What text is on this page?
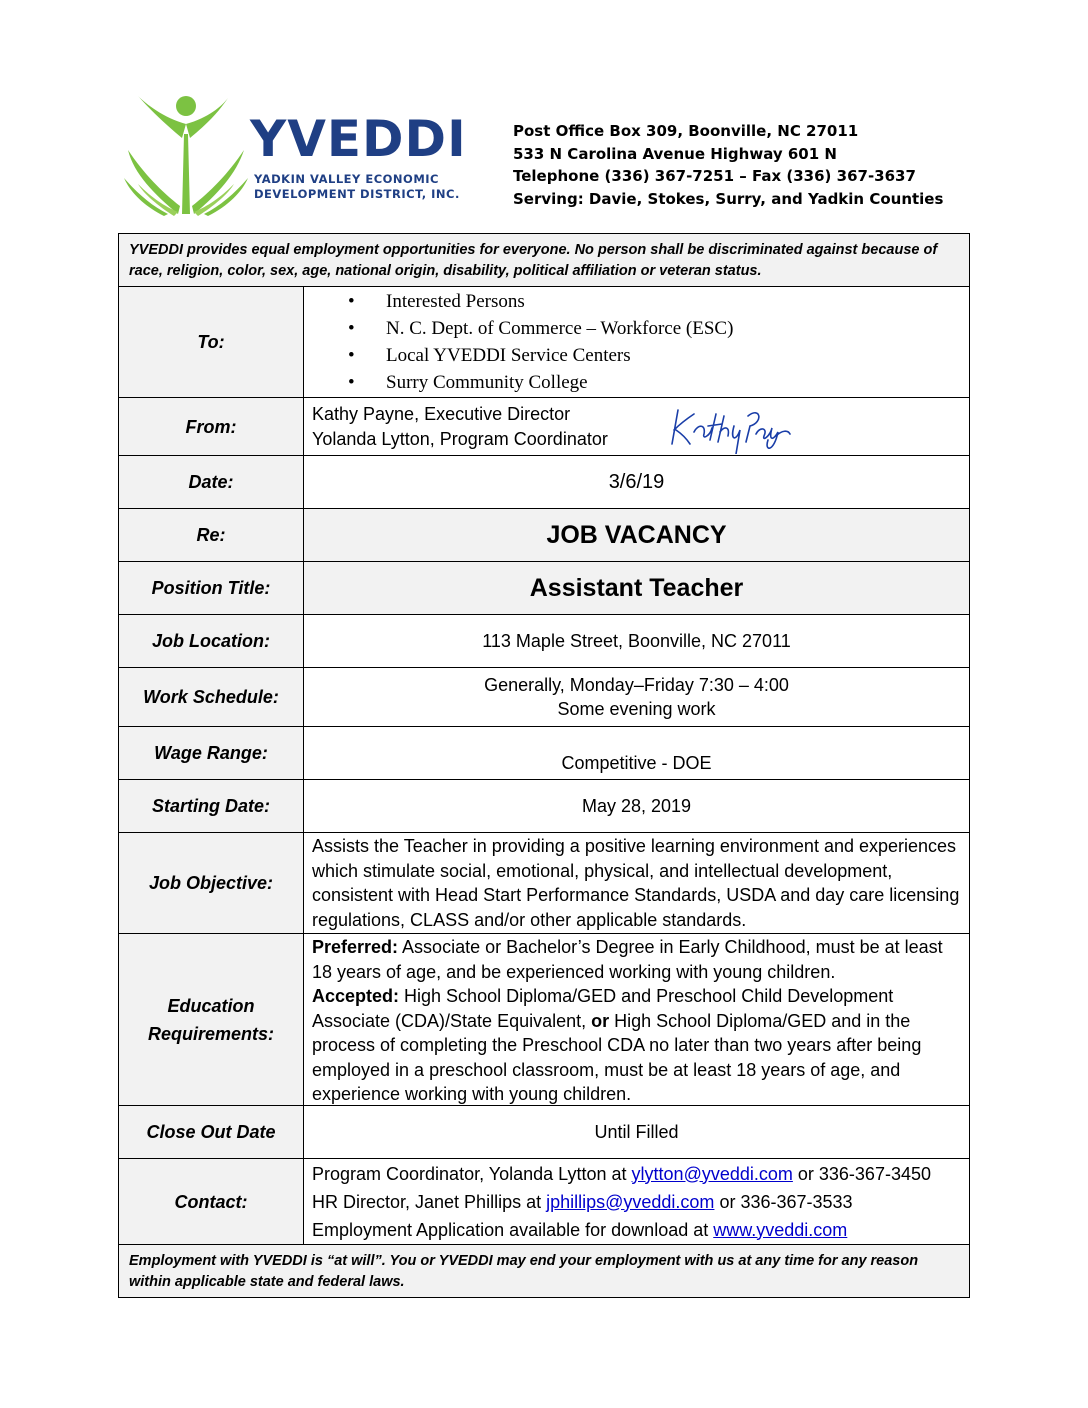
YVEDDI
YADKIN VALLEY ECONOMIC
DEVELOPMENT DISTRICT, INC.
Post Office Box 309, Boonville, NC 27011
533 N Carolina Avenue Highway 601 N
Telephone (336) 367-7251 – Fax (336) 367-3637
Serving: Davie, Stokes, Surry, and Yadkin Counties
YVEDDI provides equal employment opportunities for everyone. No person shall be discriminated against because of race, religion, color, sex, age, national origin, disability, political affiliation or veteran status.
To:
• Interested Persons
• N. C. Dept. of Commerce – Workforce (ESC)
• Local YVEDDI Service Centers
• Surry Community College
From:
Kathy Payne, Executive Director
Yolanda Lytton, Program Coordinator
Date:	3/6/19
Re:	JOB VACANCY
Position Title:	Assistant Teacher
Job Location:	113 Maple Street, Boonville, NC 27011
Work Schedule:
Generally, Monday–Friday 7:30 – 4:00
Some evening work
Wage Range:	Competitive - DOE
Starting Date:	May 28, 2019
Job Objective:
Assists the Teacher in providing a positive learning environment and experiences which stimulate social, emotional, physical, and intellectual development, consistent with Head Start Performance Standards, USDA and day care licensing regulations, CLASS and/or other applicable standards.
Education
Requirements:
Preferred: Associate or Bachelor’s Degree in Early Childhood, must be at least 18 years of age, and be experienced working with young children.
Accepted: High School Diploma/GED and Preschool Child Development Associate (CDA)/State Equivalent, or High School Diploma/GED and in the process of completing the Preschool CDA no later than two years after being employed in a preschool classroom, must be at least 18 years of age, and experience working with young children.
Close Out Date	Until Filled
Contact:
Program Coordinator, Yolanda Lytton at ylytton@yveddi.com or 336-367-3450
HR Director, Janet Phillips at jphillips@yveddi.com or 336-367-3533
Employment Application available for download at www.yveddi.com
Employment with YVEDDI is “at will”. You or YVEDDI may end your employment with us at any time for any reason within applicable state and federal laws.
